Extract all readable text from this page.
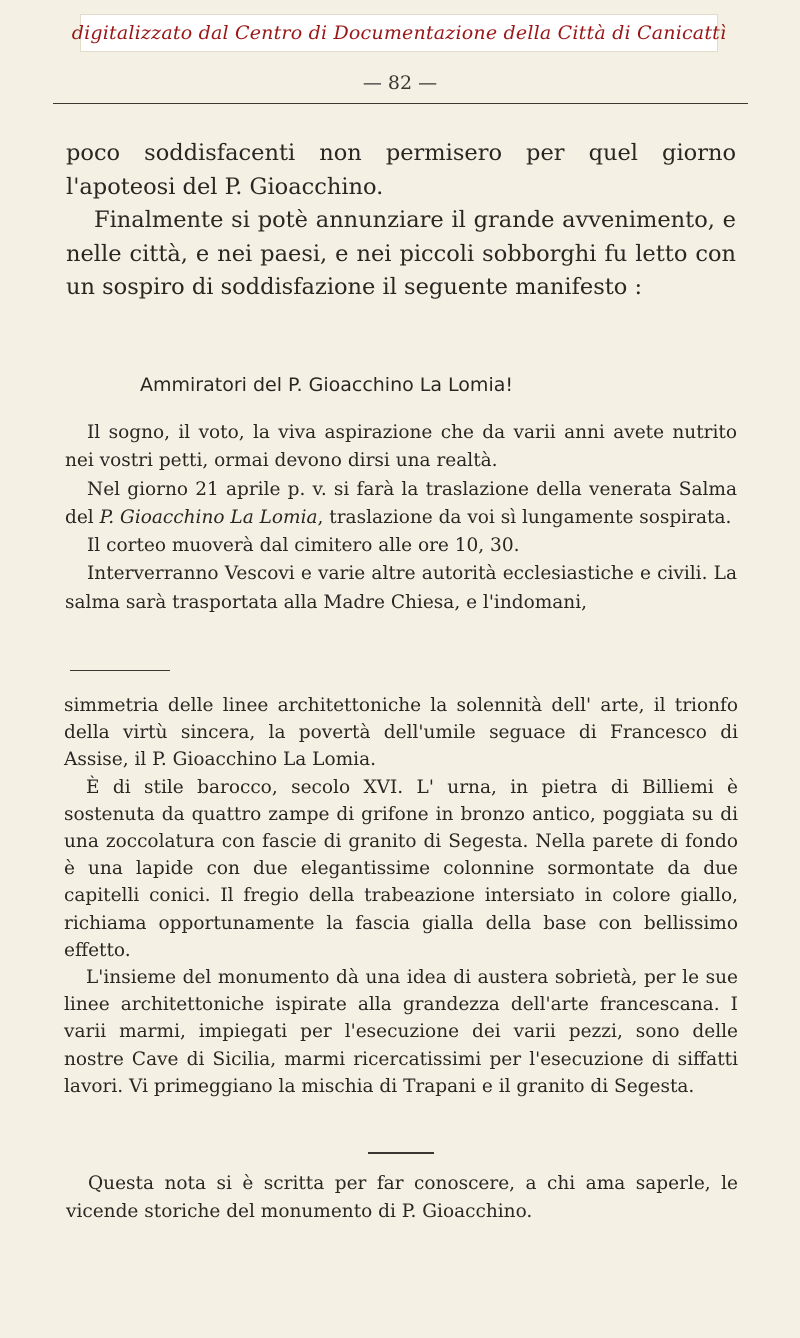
digitalizzato dal Centro di Documentazione della Città di Canicattì
— 82 —

poco soddisfacenti non permisero per quel giorno l'apoteosi del P. Gioacchino.

Finalmente si potè annunziare il grande avvenimento, e nelle città, e nei paesi, e nei piccoli sobborghi fu letto con un sospiro di soddisfazione il seguente manifesto :

Ammiratori del P. Gioacchino La Lomia!

Il sogno, il voto, la viva aspirazione che da varii anni avete nutrito nei vostri petti, ormai devono dirsi una realtà.

Nel giorno 21 aprile p. v. si farà la traslazione della venerata Salma del P. Gioacchino La Lomia, traslazione da voi sì lungamente sospirata.

Il corteo muoverà dal cimitero alle ore 10, 30.

Interverranno Vescovi e varie altre autorità ecclesiastiche e civili. La salma sarà trasportata alla Madre Chiesa, e l'indomani,

simmetria delle linee architettoniche la solennità dell' arte, il trionfo della virtù sincera, la povertà dell'umile seguace di Francesco di Assise, il P. Gioacchino La Lomia.

È di stile barocco, secolo XVI. L' urna, in pietra di Billiemi è sostenuta da quattro zampe di grifone in bronzo antico, poggiata su di una zoccolatura con fascie di granito di Segesta. Nella parete di fondo è una lapide con due elegantissime colonnine sormontate da due capitelli conici. Il fregio della trabeazione intersiato in colore giallo, richiama opportunamente la fascia gialla della base con bellissimo effetto.

L'insieme del monumento dà una idea di austera sobrietà, per le sue linee architettoniche ispirate alla grandezza dell'arte francescana. I varii marmi, impiegati per l'esecuzione dei varii pezzi, sono delle nostre Cave di Sicilia, marmi ricercatissimi per l'esecuzione di siffatti lavori. Vi primeggiano la mischia di Trapani e il granito di Segesta.

Questa nota si è scritta per far conoscere, a chi ama saperle, le vicende storiche del monumento di P. Gioacchino.
